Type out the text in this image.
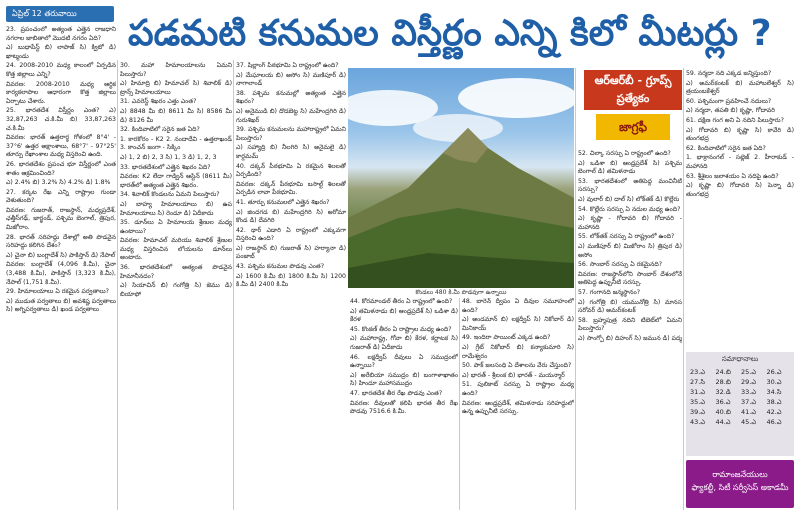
ఏప్రిల్ 12 తరువాయి	పడమటి కనుమల విస్తీర్ణం ఎన్ని కిలో మీటర్లు ?

23. ప్రపంచంలో అత్యంత ఎత్తైన రాజధాని నగరాల జాబితాలో మొదటి నగరం ఏది?

ఎ) బుధాపేస్ట్ బి) లాపాజ్ సి) క్విటో డి) ఖాట్మండు

24. 2008-2010 మధ్య కాలంలో ఏర్పడిన కొత్త జిల్లాలు ఎన్ని?

వివరణ: 2008-2010 మధ్య ఆర్థిక కార్యకలాపాల ఆధారంగా కొత్త జిల్లాలు ఏర్పాటు చేశారు.

25. భారతదేశ విస్తీర్ణం ఎంత? ఎ) 32,87,263 చ.కి.మీ బి) 33,87,263 చ.కి.మీ

వివరణ: భారత్ ఉత్తరార్థ గోళంలో 8°4' - 37°6' ఉత్తర అక్షాంశాలు, 68°7' - 97°25' తూర్పు రేఖాంశాల మధ్య విస్తరించి ఉంది.

26. భారతదేశం ప్రపంచ భూ విస్తీర్ణంలో ఎంత శాతం ఆక్రమించింది?

ఎ) 2.4% బి) 3.2% సి) 4.2% డి) 1.8%

27. కర్కట రేఖ ఎన్ని రాష్ట్రాల గుండా వెళుతుంది?

వివరణ: గుజరాత్, రాజస్థాన్, మధ్యప్రదేశ్, ఛత్తీస్‌గఢ్, జార్ఖండ్, పశ్చిమ బెంగాల్, త్రిపుర, మిజోరాం.

28. భారత్ సరిహద్దు దేశాల్లో అతి పొడవైన సరిహద్దు కలిగిన దేశం?

ఎ) చైనా బి) బంగ్లాదేశ్ సి) పాకిస్తాన్ డి) నేపాల్

వివరణ: బంగ్లాదేశ్ (4,096 కి.మీ), చైనా (3,488 కి.మీ), పాకిస్తాన్ (3,323 కి.మీ), నేపాల్ (1,751 కి.మీ).

29. హిమాలయాలు ఏ రకమైన పర్వతాలు?

ఎ) ముడుత పర్వతాలు బి) అవశిష్ట పర్వతాలు సి) అగ్నిపర్వతాలు డి) ఖండ పర్వతాలు

30. మహా హిమాలయాలను ఏమని పిలుస్తారు?

ఎ) హిమాద్రి బి) హిమాచల్ సి) శివాలిక్ డి) ట్రాన్స్ హిమాలయాలు

31. ఎవరెస్ట్ శిఖరం ఎత్తు ఎంత?

ఎ) 8848 మీ బి) 8611 మీ సి) 8586 మీ డి) 8126 మీ

32. కిందివాటిలో సరైన జత ఏది?

1. కారకోరం - K2 2. నందాదేవి - ఉత్తరాఖండ్ 3. కాంచన్ జంగా - సిక్కిం

ఎ) 1, 2 బి) 2, 3 సి) 1, 3 డి) 1, 2, 3

33. భారతదేశంలో ఎత్తైన శిఖరం ఏది?

వివరణ: K2 లేదా గాడ్విన్ ఆస్టిన్ (8611 మీ) భారత్‌లో అత్యంత ఎత్తైన శిఖరం.

34. శివాలిక్ కొండలను ఏమని పిలుస్తారు?

ఎ) బాహ్య హిమాలయాలు బి) ఉప హిమాలయాలు సి) రెండూ డి) ఏదీకాదు

35. డూన్‌లు ఏ హిమాలయ శ్రేణుల మధ్య ఉంటాయి?

వివరణ: హిమాచల్ మరియు శివాలిక్ శ్రేణుల మధ్య విస్తరించిన లోయలను డూన్‌లు అంటారు.

36. భారతదేశంలో అత్యంత పొడవైన హిమానీనదం?

ఎ) సియాచిన్ బి) గంగోత్రి సి) జెము డి) బియాఫో

37. షిల్లాంగ్ పీఠభూమి ఏ రాష్ట్రంలో ఉంది?

ఎ) మేఘాలయ బి) అసోం సి) మణిపూర్ డి) నాగాలాండ్

38. పశ్చిమ కనుమల్లో అత్యంత ఎత్తైన శిఖరం?

ఎ) అనైముడి బి) దొడబెట్ట సి) మహేంద్రగిరి డి) గురుశిఖర్

39. పశ్చిమ కనుమలను మహారాష్ట్రలో ఏమని పిలుస్తారు?

ఎ) సహ్యాద్రి బి) నీలగిరి సి) అనైమలై డి) కార్డమమ్

40. దక్కన్ పీఠభూమి ఏ రకమైన శిలలతో ఏర్పడింది?

వివరణ: దక్కన్ పీఠభూమి బసాల్ట్ శిలలతో ఏర్పడిన లావా పీఠభూమి.

41. తూర్పు కనుమలలో ఎత్తైన శిఖరం?

ఎ) జిందగడ బి) మహేంద్రగిరి సి) అరోమా కొండ డి) దేవగిరి

42. థార్ ఎడారి ఏ రాష్ట్రంలో ఎక్కువగా విస్తరించి ఉంది?

ఎ) రాజస్థాన్ బి) గుజరాత్ సి) హర్యానా డి) పంజాబ్

43. పశ్చిమ కనుమల పొడవు ఎంత?

ఎ) 1600 కి.మీ బి) 1800 కి.మీ సి) 1200 కి.మీ డి) 2400 కి.మీ

కొండలు 480 కి.మీ పొడవుగా ఉన్నాయి

44. కోరమాండల్ తీరం ఏ రాష్ట్రంలో ఉంది?

ఎ) తమిళనాడు బి) ఆంధ్రప్రదేశ్ సి) ఒడిశా డి) కేరళ

45. కొంకణ్ తీరం ఏ రాష్ట్రాల మధ్య ఉంది?

ఎ) మహారాష్ట్ర, గోవా బి) కేరళ, కర్ణాటక సి) గుజరాత్ డి) ఏదీకాదు

46. లక్షద్వీప్ దీవులు ఏ సముద్రంలో ఉన్నాయి?

ఎ) అరేబియా సముద్రం బి) బంగాళాఖాతం సి) హిందూ మహాసముద్రం

47. భారతదేశ తీర రేఖ పొడవు ఎంత?

వివరణ: దీవులతో కలిపి భారత తీర రేఖ పొడవు 7516.6 కి.మీ.

48. బారెన్ ద్వీపం ఏ దీవుల సమూహంలో ఉంది?

ఎ) అండమాన్ బి) లక్షద్వీప్ సి) నికోబార్ డి) మినికాయ్

49. ఇందిరా పాయింట్ ఎక్కడ ఉంది?

ఎ) గ్రేట్ నికోబార్ బి) కన్యాకుమారి సి) రామేశ్వరం

50. పాక్ జలసంధి ఏ దేశాలను వేరు చేస్తుంది?

ఎ) భారత్ - శ్రీలంక బి) భారత్ - మయన్మార్

51. పులికాట్ సరస్సు ఏ రాష్ట్రాల మధ్య ఉంది?

వివరణ: ఆంధ్రప్రదేశ్, తమిళనాడు సరిహద్దులో ఉన్న ఉప్పునీటి సరస్సు.

ఆర్‌ఆర్‌బీ - గ్రూప్స్ ప్రత్యేకం
జాగ్రఫీ

52. చిల్కా సరస్సు ఏ రాష్ట్రంలో ఉంది?

ఎ) ఒడిశా బి) ఆంధ్రప్రదేశ్ సి) పశ్చిమ బెంగాల్ డి) తమిళనాడు

53. భారతదేశంలో అతిపెద్ద మంచినీటి సరస్సు?

ఎ) వులార్ బి) దాల్ సి) లోక్‌తక్ డి) కొల్లేరు

54. కొల్లేరు సరస్సు ఏ నదుల మధ్య ఉంది?

ఎ) కృష్ణా - గోదావరి బి) గోదావరి - మహానది

55. లోక్‌తక్ సరస్సు ఏ రాష్ట్రంలో ఉంది?

ఎ) మణిపూర్ బి) మిజోరాం సి) త్రిపుర డి) అసోం

56. సాంబార్ సరస్సు ఏ రకమైనది?

వివరణ: రాజస్థాన్‌లోని సాంబార్ దేశంలోనే అతిపెద్ద ఉప్పునీటి సరస్సు.

57. గంగానది జన్మస్థానం?

ఎ) గంగోత్రి బి) యమునోత్రి సి) మానస సరోవర్ డి) అమర్‌కంటక్

58. బ్రహ్మపుత్ర నదిని టిబెట్‌లో ఏమని పిలుస్తారు?

ఎ) సాంగ్పో బి) దిహంగ్ సి) జమున డి) పద్మ

59. నర్మదా నది ఎక్కడ జన్మిస్తుంది?

ఎ) అమర్‌కంటక్ బి) మహాబలేశ్వర్ సి) త్రయంబకేశ్వర్

60. పశ్చిమంగా ప్రవహించే నదులు?

ఎ) నర్మదా, తపతి బి) కృష్ణా, గోదావరి

61. దక్షిణ గంగ అని ఏ నదిని పిలుస్తారు?

ఎ) గోదావరి బి) కృష్ణా సి) కావేరి డి) తుంగభద్ర

62. కిందివాటిలో సరైన జత ఏది?

1. భాక్రానంగల్ - సట్లెజ్ 2. హీరాకుడ్ - మహానది

63. శ్రీశైలం జలాశయం ఏ నదిపై ఉంది?

ఎ) కృష్ణా బి) గోదావరి సి) పెన్నా డి) తుంగభద్ర

సమాధానాలు
23.ఎ	24.బి	25.ఎ	26.ఎ
27.సి	28.బి	29.ఎ	30.ఎ
31.ఎ	32.డి	33.ఎ	34.సి
35.ఎ	36.ఎ	37.ఎ	38.ఎ
39.ఎ	40.బి	41.ఎ	42.ఎ
43.ఎ	44.ఎ	45.ఎ	46.ఎ
రామాంజనేయులు
ఫ్యాకల్టీ, సిటీ సర్వీసెస్ అకాడమీ
